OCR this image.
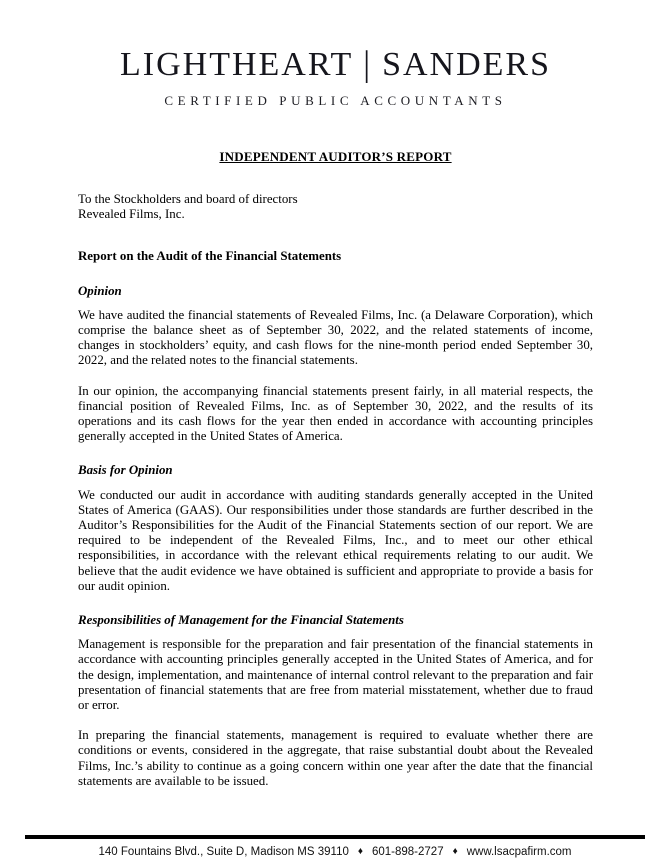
LIGHTHEART | SANDERS
CERTIFIED PUBLIC ACCOUNTANTS
INDEPENDENT AUDITOR’S REPORT
To the Stockholders and board of directors
Revealed Films, Inc.
Report on the Audit of the Financial Statements
Opinion

We have audited the financial statements of Revealed Films, Inc. (a Delaware Corporation), which comprise the balance sheet as of September 30, 2022, and the related statements of income, changes in stockholders’ equity, and cash flows for the nine-month period ended September 30, 2022, and the related notes to the financial statements.

In our opinion, the accompanying financial statements present fairly, in all material respects, the financial position of Revealed Films, Inc. as of September 30, 2022, and the results of its operations and its cash flows for the year then ended in accordance with accounting principles generally accepted in the United States of America.

Basis for Opinion

We conducted our audit in accordance with auditing standards generally accepted in the United States of America (GAAS). Our responsibilities under those standards are further described in the Auditor’s Responsibilities for the Audit of the Financial Statements section of our report. We are required to be independent of the Revealed Films, Inc., and to meet our other ethical responsibilities, in accordance with the relevant ethical requirements relating to our audit. We believe that the audit evidence we have obtained is sufficient and appropriate to provide a basis for our audit opinion.

Responsibilities of Management for the Financial Statements

Management is responsible for the preparation and fair presentation of the financial statements in accordance with accounting principles generally accepted in the United States of America, and for the design, implementation, and maintenance of internal control relevant to the preparation and fair presentation of financial statements that are free from material misstatement, whether due to fraud or error.

In preparing the financial statements, management is required to evaluate whether there are conditions or events, considered in the aggregate, that raise substantial doubt about the Revealed Films, Inc.’s ability to continue as a going concern within one year after the date that the financial statements are available to be issued.

140 Fountains Blvd., Suite D, Madison MS 39110 ♦ 601-898-2727 ♦ www.lsacpafirm.com
